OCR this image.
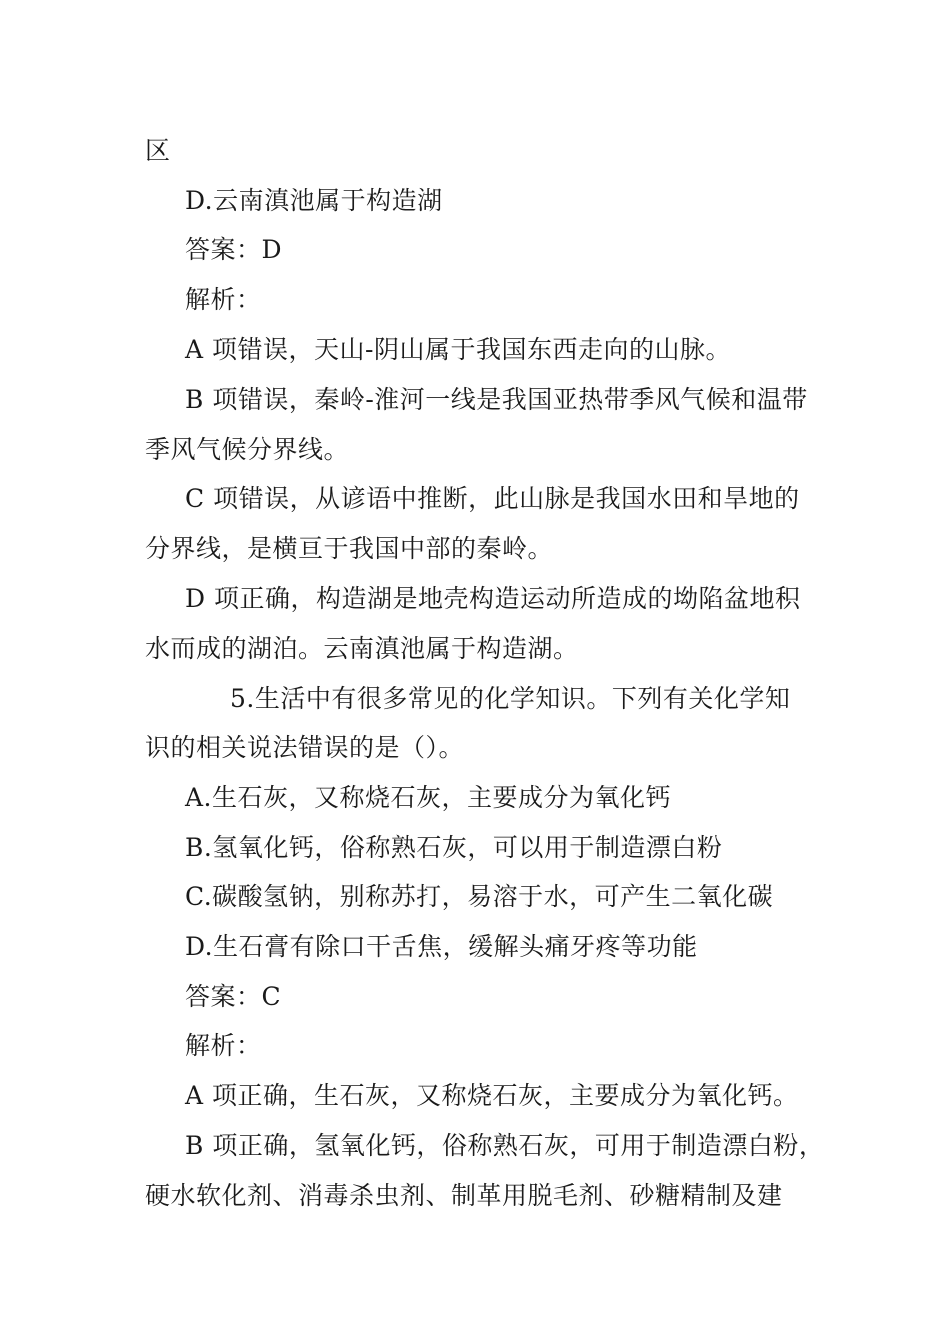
区
D.云南滇池属于构造湖
答案：D
解析：
A 项错误，天山-阴山属于我国东西走向的山脉。
B 项错误，秦岭-淮河一线是我国亚热带季风气候和温带
季风气候分界线。
C 项错误，从谚语中推断，此山脉是我国水田和旱地的
分界线，是横亘于我国中部的秦岭。
D 项正确，构造湖是地壳构造运动所造成的坳陷盆地积
水而成的湖泊。云南滇池属于构造湖。
5.生活中有很多常见的化学知识。下列有关化学知
识的相关说法错误的是（）。
A.生石灰，又称烧石灰，主要成分为氧化钙
B.氢氧化钙，俗称熟石灰，可以用于制造漂白粉
C.碳酸氢钠，别称苏打，易溶于水，可产生二氧化碳
D.生石膏有除口干舌焦，缓解头痛牙疼等功能
答案：C
解析：
A 项正确，生石灰，又称烧石灰，主要成分为氧化钙。
B 项正确，氢氧化钙，俗称熟石灰，可用于制造漂白粉，
硬水软化剂、消毒杀虫剂、制革用脱毛剂、砂糖精制及建
